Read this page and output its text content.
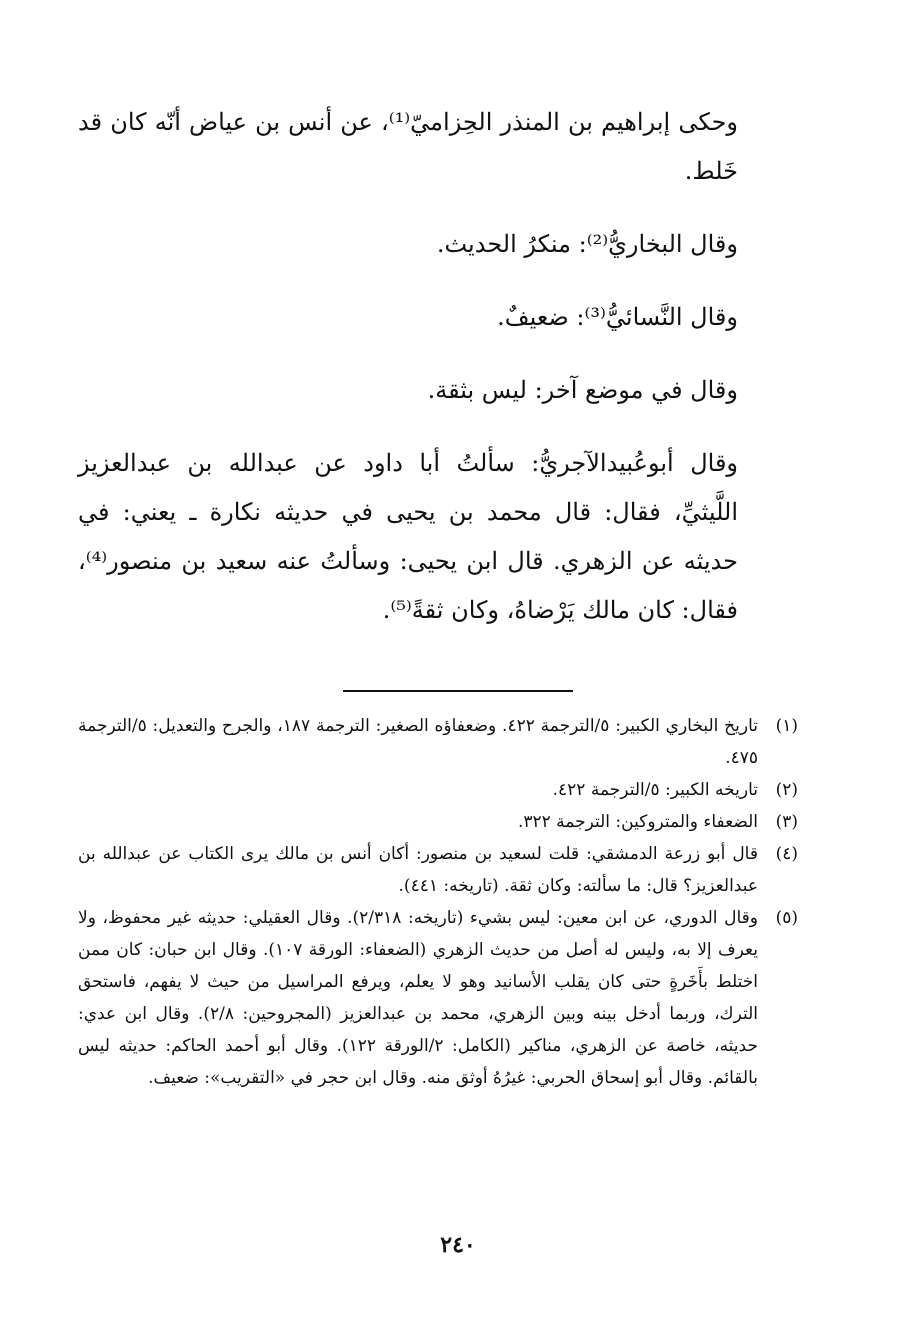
وحكى إبراهيم بن المنذر الحِزاميّ⁽¹⁾، عن أنس بن عياض أنّه كان قد خَلط.

وقال البخاريُّ⁽²⁾: منكرُ الحديث.

وقال النَّسائيُّ⁽³⁾: ضعيفٌ.

وقال في موضع آخر: ليس بثقة.

وقال أبوعُبيدالآجريُّ: سألتُ أبا داود عن عبدالله بن عبدالعزيز اللَّيثيِّ، فقال: قال محمد بن يحيى في حديثه نكارة ـ يعني: في حديثه عن الزهري. قال ابن يحيى: وسألتُ عنه سعيد بن منصور⁽⁴⁾، فقال: كان مالك يَرْضاهُ، وكان ثقةً⁽⁵⁾.

(١)
تاريخ البخاري الكبير: ٥/الترجمة ٤٢٢. وضعفاؤه الصغير: الترجمة ١٨٧، والجرح والتعديل: ٥/الترجمة ٤٧٥.
(٢)
تاريخه الكبير: ٥/الترجمة ٤٢٢.
(٣)
الضعفاء والمتروكين: الترجمة ٣٢٢.
(٤)
قال أبو زرعة الدمشقي: قلت لسعيد بن منصور: أكان أنس بن مالك يرى الكتاب عن عبدالله بن عبدالعزيز؟ قال: ما سألته: وكان ثقة. (تاريخه: ٤٤١).
(٥)
وقال الدوري، عن ابن معين: ليس بشيء (تاريخه: ٢/٣١٨). وقال العقيلي: حديثه غير محفوظ، ولا يعرف إلا به، وليس له أصل من حديث الزهري (الضعفاء: الورقة ١٠٧). وقال ابن حبان: كان ممن اختلط بأَخَرةٍ حتى كان يقلب الأسانيد وهو لا يعلم، ويرفع المراسيل من حيث لا يفهم، فاستحق الترك، وربما أدخل بينه وبين الزهري، محمد بن عبدالعزيز (المجروحين: ٢/٨). وقال ابن عدي: حديثه، خاصة عن الزهري، مناكير (الكامل: ٢/الورقة ١٢٢). وقال أبو أحمد الحاكم: حديثه ليس بالقائم. وقال أبو إسحاق الحربي: غيرُهُ أوثق منه. وقال ابن حجر في «التقريب»: ضعيف.
٢٤٠
